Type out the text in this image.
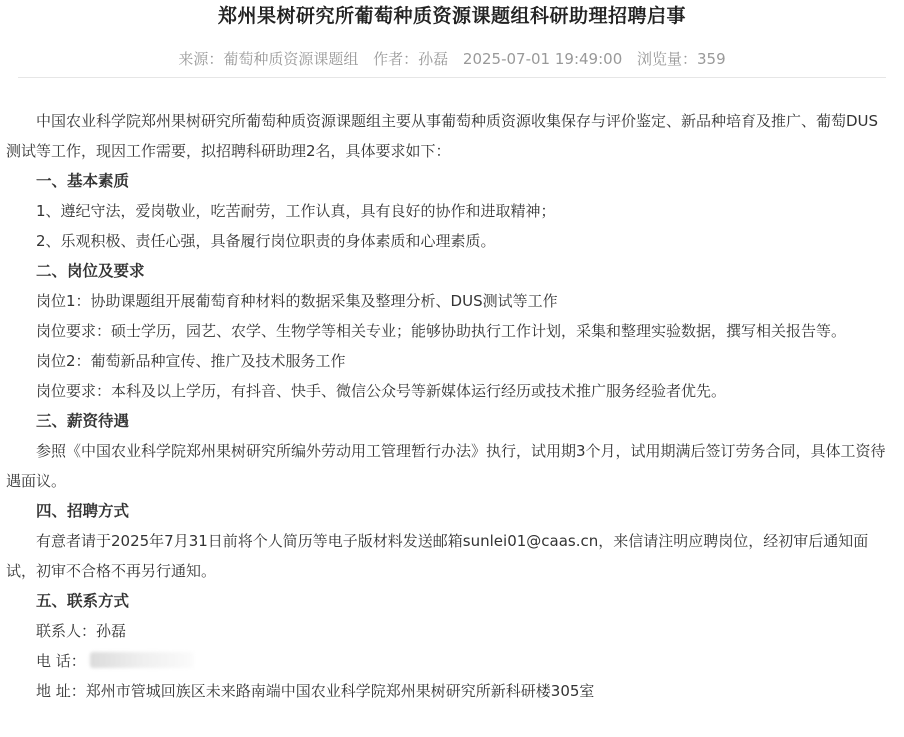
郑州果树研究所葡萄种质资源课题组科研助理招聘启事
来源：葡萄种质资源课题组 作者：孙磊 2025-07-01 19:49:00 浏览量：359

中国农业科学院郑州果树研究所葡萄种质资源课题组主要从事葡萄种质资源收集保存与评价鉴定、新品种培育及推广、葡萄DUS测试等工作，现因工作需要，拟招聘科研助理2名，具体要求如下：

一、基本素质

1、遵纪守法，爱岗敬业，吃苦耐劳，工作认真，具有良好的协作和进取精神；

2、乐观积极、责任心强，具备履行岗位职责的身体素质和心理素质。

二、岗位及要求

岗位1：协助课题组开展葡萄育种材料的数据采集及整理分析、DUS测试等工作

岗位要求：硕士学历，园艺、农学、生物学等相关专业；能够协助执行工作计划，采集和整理实验数据，撰写相关报告等。

岗位2：葡萄新品种宣传、推广及技术服务工作

岗位要求：本科及以上学历，有抖音、快手、微信公众号等新媒体运行经历或技术推广服务经验者优先。

三、薪资待遇

参照《中国农业科学院郑州果树研究所编外劳动用工管理暂行办法》执行，试用期3个月，试用期满后签订劳务合同，具体工资待遇面议。

四、招聘方式

有意者请于2025年7月31日前将个人简历等电子版材料发送邮箱sunlei01@caas.cn，来信请注明应聘岗位，经初审后通知面试，初审不合格不再另行通知。

五、联系方式

联系人：孙磊

电 话：

地 址：郑州市管城回族区未来路南端中国农业科学院郑州果树研究所新科研楼305室
